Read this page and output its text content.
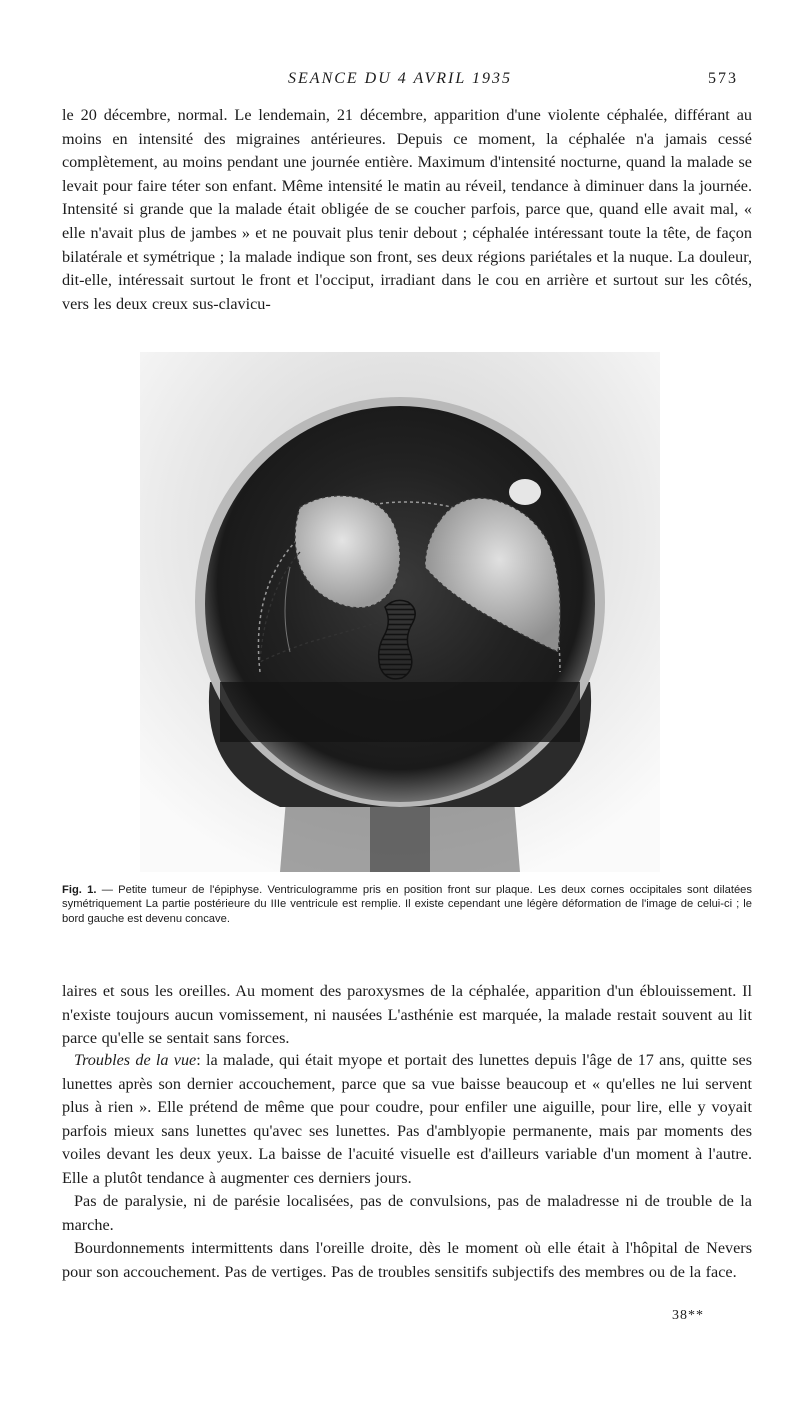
SEANCE DU 4 AVRIL 1935	573

le 20 décembre, normal. Le lendemain, 21 décembre, apparition d'une violente céphalée, différant au moins en intensité des migraines antérieures. Depuis ce moment, la céphalée n'a jamais cessé complètement, au moins pendant une journée entière. Maximum d'intensité nocturne, quand la malade se levait pour faire téter son enfant. Même intensité le matin au réveil, tendance à diminuer dans la journée. Intensité si grande que la malade était obligée de se coucher parfois, parce que, quand elle avait mal, « elle n'avait plus de jambes » et ne pouvait plus tenir debout ; céphalée intéressant toute la tête, de façon bilatérale et symétrique ; la malade indique son front, ses deux régions pariétales et la nuque. La douleur, dit-elle, intéressait surtout le front et l'occiput, irradiant dans le cou en arrière et surtout sur les côtés, vers les deux creux sus-clavicu-

Fig. 1. — Petite tumeur de l'épiphyse. Ventriculogramme pris en position front sur plaque. Les deux cornes occipitales sont dilatées symétriquement La partie postérieure du IIIe ventricule est remplie. Il existe cependant une légère déformation de l'image de celui-ci ; le bord gauche est devenu concave.

laires et sous les oreilles. Au moment des paroxysmes de la céphalée, apparition d'un éblouissement. Il n'existe toujours aucun vomissement, ni nausées L'asthénie est marquée, la malade restait souvent au lit parce qu'elle se sentait sans forces.

Troubles de la vue: la malade, qui était myope et portait des lunettes depuis l'âge de 17 ans, quitte ses lunettes après son dernier accouchement, parce que sa vue baisse beaucoup et « qu'elles ne lui servent plus à rien ». Elle prétend de même que pour coudre, pour enfiler une aiguille, pour lire, elle y voyait parfois mieux sans lunettes qu'avec ses lunettes. Pas d'amblyopie permanente, mais par moments des voiles devant les deux yeux. La baisse de l'acuité visuelle est d'ailleurs variable d'un moment à l'autre. Elle a plutôt tendance à augmenter ces derniers jours.

Pas de paralysie, ni de parésie localisées, pas de convulsions, pas de maladresse ni de trouble de la marche.

Bourdonnements intermittents dans l'oreille droite, dès le moment où elle était à l'hôpital de Nevers pour son accouchement. Pas de vertiges. Pas de troubles sensitifs subjectifs des membres ou de la face.

38**
